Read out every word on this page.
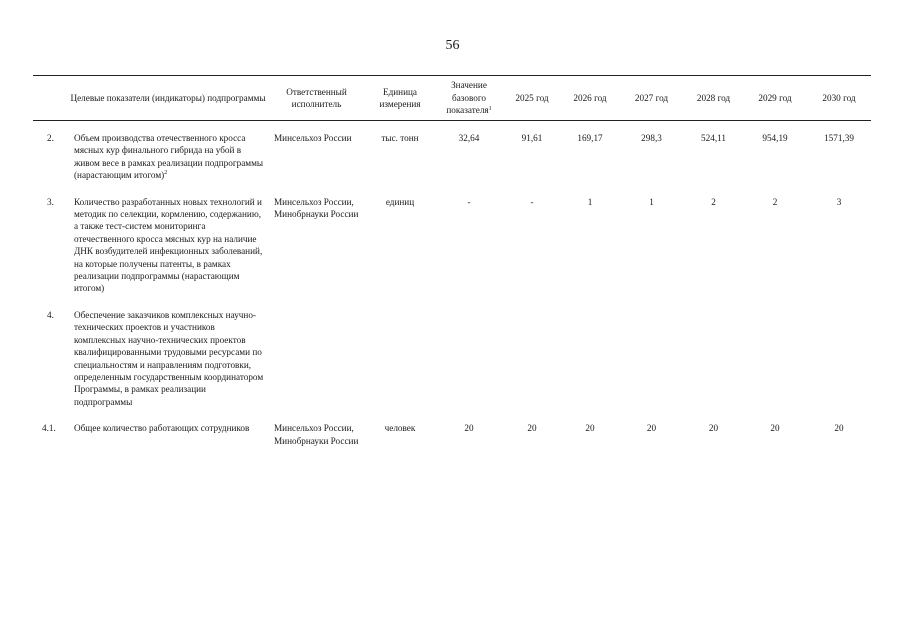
56
	Целевые показатели (индикаторы) подпрограммы	Ответственный исполнитель	Единица измерения	Значение базового показателя$^1$	2025 год	2026 год	2027 год	2028 год	2029 год	2030 год
2.	Объем производства отечественного кросса мясных кур финального гибрида на убой в живом весе в рамках реализации подпрограммы (нарастающим итогом)$^2$	Минсельхоз России	тыс. тонн	32,64	91,61	169,17	298,3	524,11	954,19	1571,39
3.	Количество разработанных новых технологий и методик по селекции, кормлению, содержанию, а также тест-систем мониторинга отечественного кросса мясных кур на наличие ДНК возбудителей инфекционных заболеваний, на которые получены патенты, в рамках реализации подпрограммы (нарастающим итогом)	Минсельхоз России, Минобрнауки России	единиц	-	-	1	1	2	2	3
4.	Обеспечение заказчиков комплексных научно-технических проектов и участников комплексных научно-технических проектов квалифицированными трудовыми ресурсами по специальностям и направлениям подготовки, определенным государственным координатором Программы, в рамках реализации подпрограммы									
4.1.	Общее количество работающих сотрудников	Минсельхоз России, Минобрнауки России	человек	20	20	20	20	20	20	20
